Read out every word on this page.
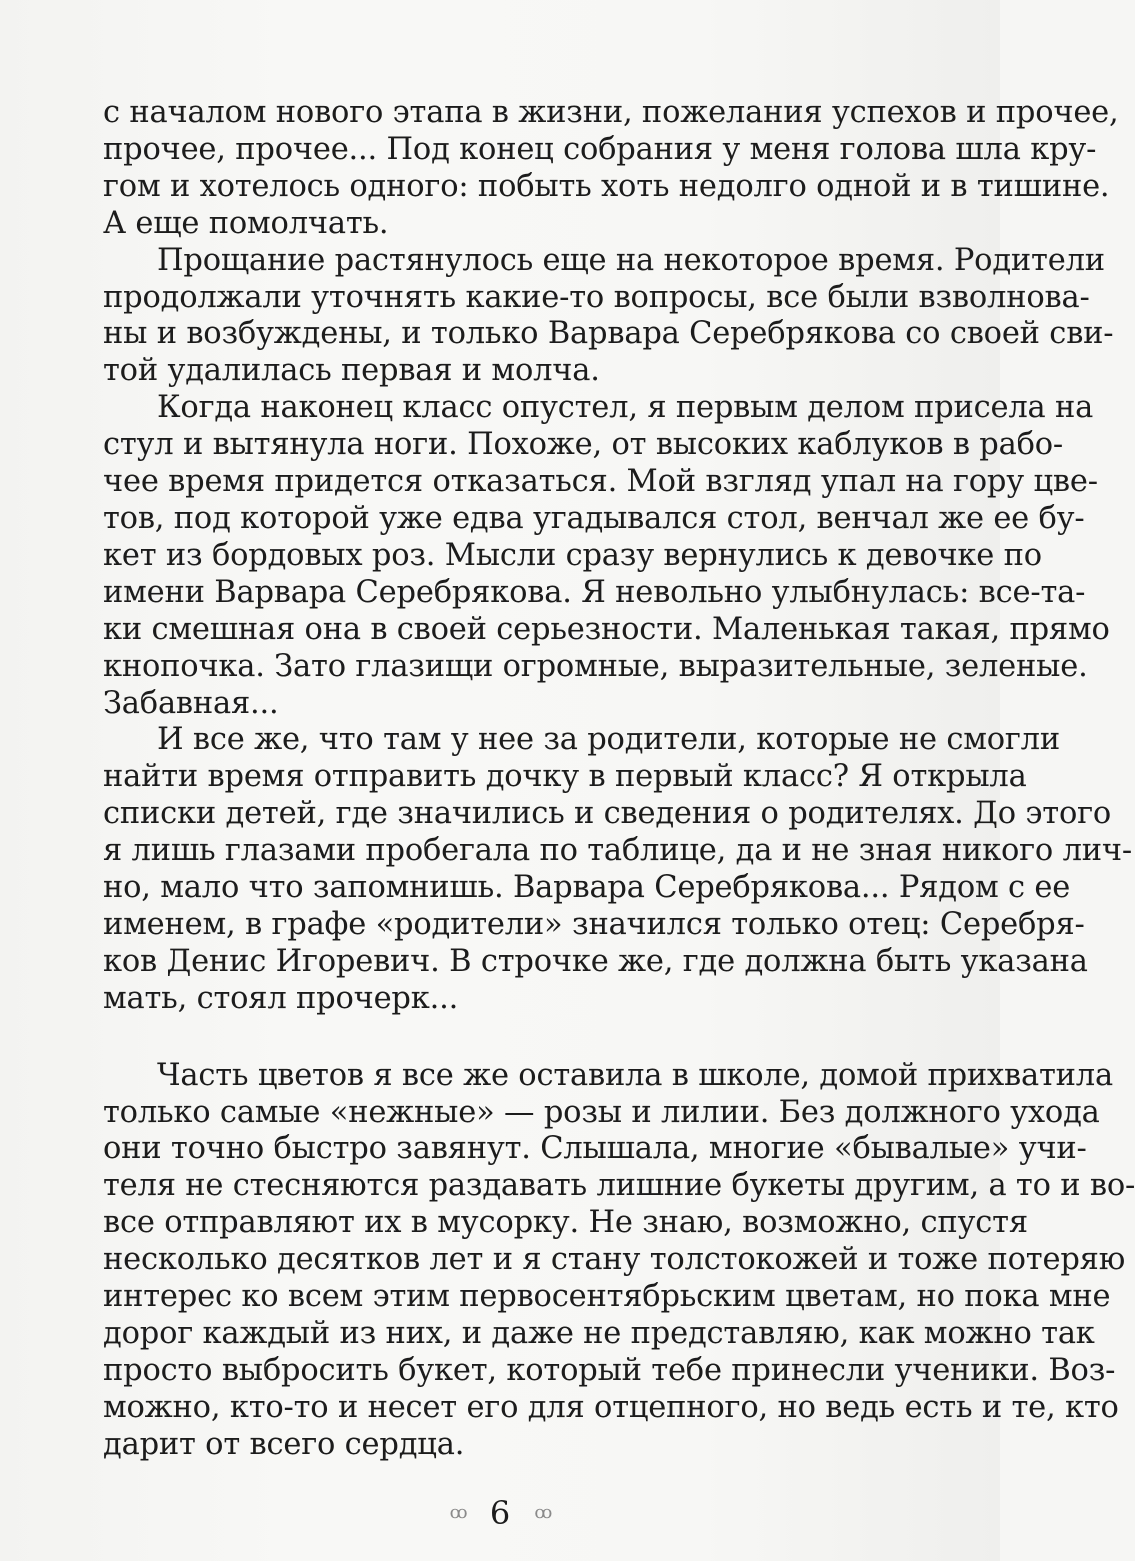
с началом нового этапа в жизни, пожелания успехов и прочее,
прочее, прочее... Под конец собрания у меня голова шла кру-
гом и хотелось одного: побыть хоть недолго одной и в тишине.
А еще помолчать.

Прощание растянулось еще на некоторое время. Родители
продолжали уточнять какие-то вопросы, все были взволнова-
ны и возбуждены, и только Варвара Серебрякова со своей сви-
той удалилась первая и молча.

Когда наконец класс опустел, я первым делом присела на
стул и вытянула ноги. Похоже, от высоких каблуков в рабо-
чее время придется отказаться. Мой взгляд упал на гору цве-
тов, под которой уже едва угадывался стол, венчал же ее бу-
кет из бордовых роз. Мысли сразу вернулись к девочке по
имени Варвара Серебрякова. Я невольно улыбнулась: все-та-
ки смешная она в своей серьезности. Маленькая такая, прямо
кнопочка. Зато глазищи огромные, выразительные, зеленые.
Забавная...

И все же, что там у нее за родители, которые не смогли
найти время отправить дочку в первый класс? Я открыла
списки детей, где значились и сведения о родителях. До этого
я лишь глазами пробегала по таблице, да и не зная никого лич-
но, мало что запомнишь. Варвара Серебрякова... Рядом с ее
именем, в графе «родители» значился только отец: Серебря-
ков Денис Игоревич. В строчке же, где должна быть указана
мать, стоял прочерк...

Часть цветов я все же оставила в школе, домой прихватила
только самые «нежные» — розы и лилии. Без должного ухода
они точно быстро завянут. Слышала, многие «бывалые» учи-
теля не стесняются раздавать лишние букеты другим, а то и во-
все отправляют их в мусорку. Не знаю, возможно, спустя
несколько десятков лет и я стану толстокожей и тоже потеряю
интерес ко всем этим первосентябрьским цветам, но пока мне
дорог каждый из них, и даже не представляю, как можно так
просто выбросить букет, который тебе принесли ученики. Воз-
можно, кто-то и несет его для отцепного, но ведь есть и те, кто
дарит от всего сердца.

ꝏ 6 ꝏ
